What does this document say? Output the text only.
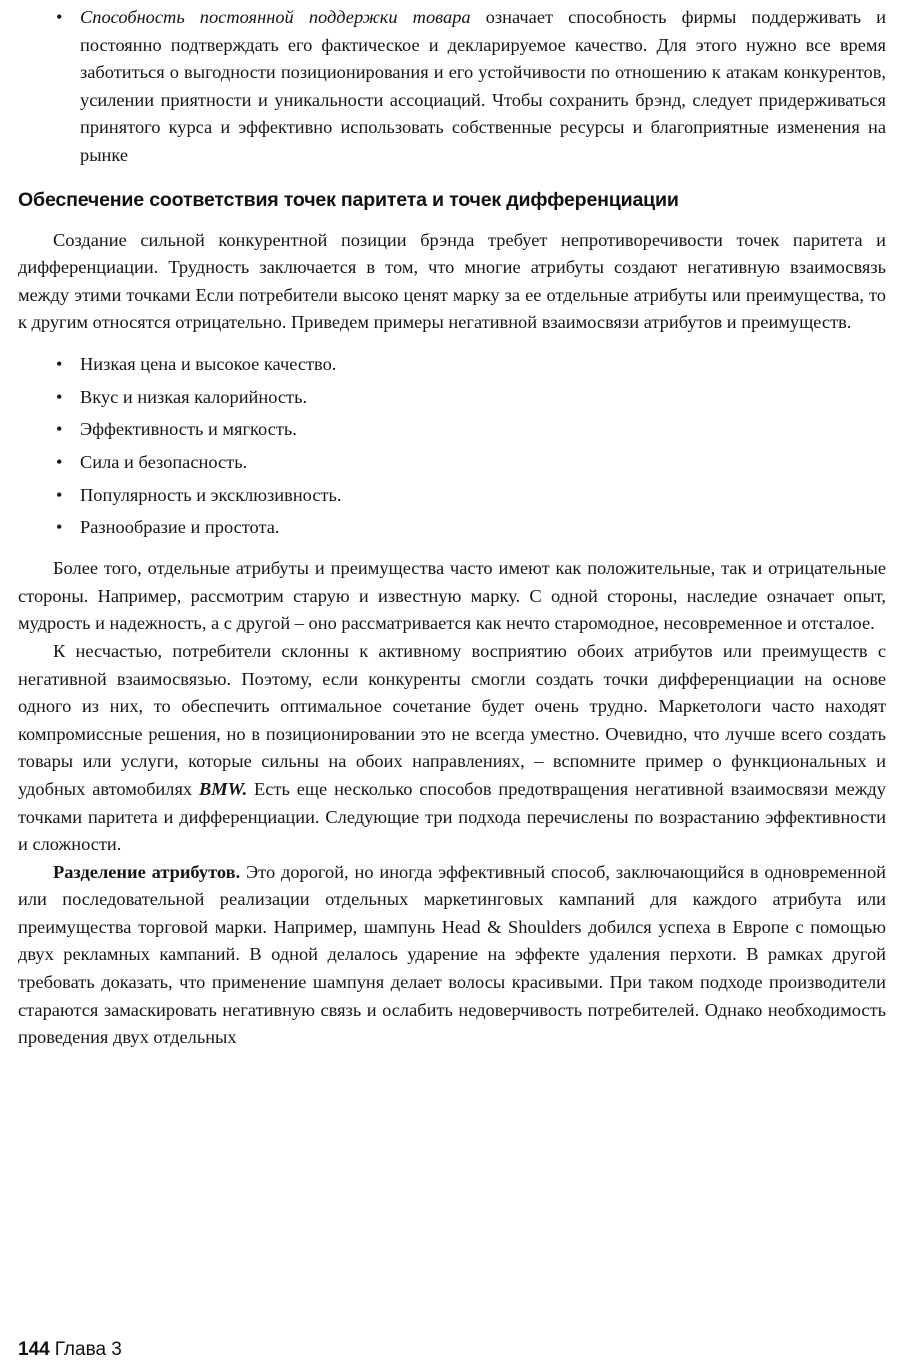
• Способность постоянной поддержки товара означает способность фирмы поддерживать и постоянно подтверждать его фактическое и декларируемое качество. Для этого нужно все время заботиться о выгодности позиционирования и его устойчивости по отношению к атакам конкурентов, усилении приятности и уникальности ассоциаций. Чтобы сохранить брэнд, следует придерживаться принятого курса и эффективно использовать собственные ресурсы и благоприятные изменения на рынке

Обеспечение соответствия точек паритета и точек дифференциации

Создание сильной конкурентной позиции брэнда требует непротиворечивости точек паритета и дифференциации. Трудность заключается в том, что многие атрибуты создают негативную взаимосвязь между этими точками Если потребители высоко ценят марку за ее отдельные атрибуты или преимущества, то к другим относятся отрицательно. Приведем примеры негативной взаимосвязи атрибутов и преимуществ.

• Низкая цена и высокое качество.
• Вкус и низкая калорийность.
• Эффективность и мягкость.
• Сила и безопасность.
• Популярность и эксклюзивность.
• Разнообразие и простота.

Более того, отдельные атрибуты и преимущества часто имеют как положительные, так и отрицательные стороны. Например, рассмотрим старую и известную марку. С одной стороны, наследие означает опыт, мудрость и надежность, а с другой – оно рассматривается как нечто старомодное, несовременное и отсталое.

К несчастью, потребители склонны к активному восприятию обоих атрибутов или преимуществ с негативной взаимосвязью. Поэтому, если конкуренты смогли создать точки дифференциации на основе одного из них, то обеспечить оптимальное сочетание будет очень трудно. Маркетологи часто находят компромиссные решения, но в позиционировании это не всегда уместно. Очевидно, что лучше всего создать товары или услуги, которые сильны на обоих направлениях, – вспомните пример о функциональных и удобных автомобилях BMW. Есть еще несколько способов предотвращения негативной взаимосвязи между точками паритета и дифференциации. Следующие три подхода перечислены по возрастанию эффективности и сложности.

Разделение атрибутов. Это дорогой, но иногда эффективный способ, заключающийся в одновременной или последовательной реализации отдельных маркетинговых кампаний для каждого атрибута или преимущества торговой марки. Например, шампунь Head & Shoulders добился успеха в Европе с помощью двух рекламных кампаний. В одной делалось ударение на эффекте удаления перхоти. В рамках другой требовать доказать, что применение шампуня делает волосы красивыми. При таком подходе производители стараются замаскировать негативную связь и ослабить недоверчивость потребителей. Однако необходимость проведения двух отдельных

144 Глава 3
